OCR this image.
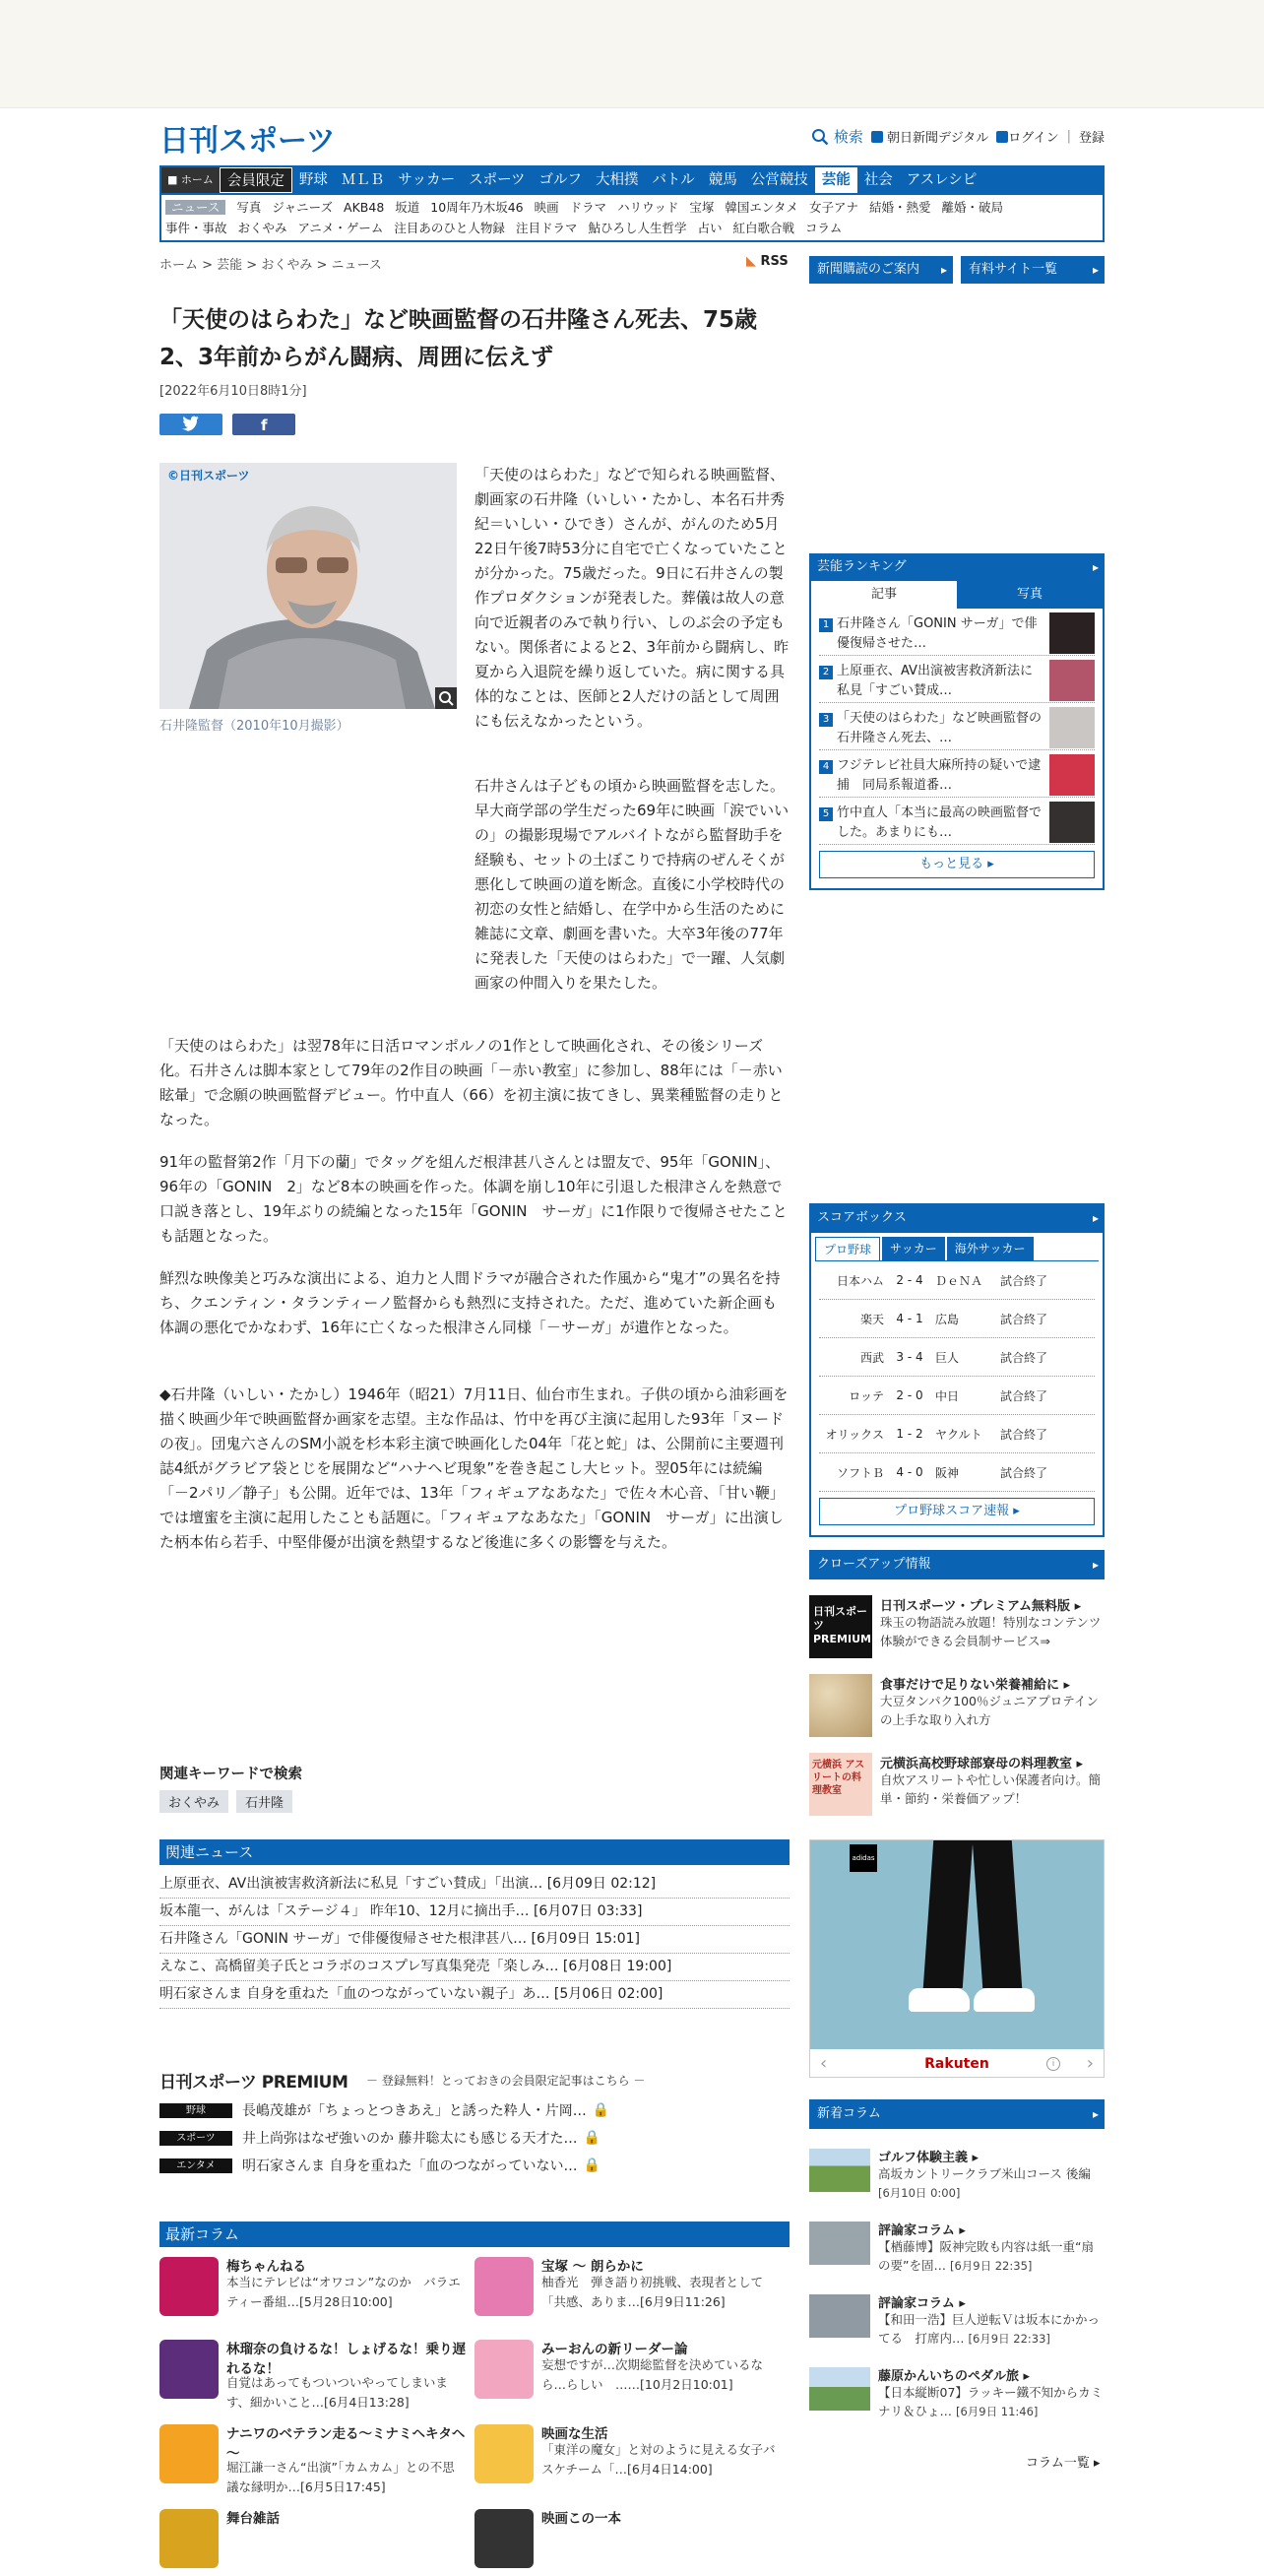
日刊スポーツ	検索	朝日新聞デジタル	ログイン | 登録
■ ホーム 会員限定	野球 ＭＬＢ サッカー スポーツ ゴルフ 大相撲 バトル 競馬 公営競技 芸能 社会 アスレシピ
ニュース 写真 ジャニーズ AKB48 坂道 10周年乃木坂46 映画 ドラマ ハリウッド 宝塚 韓国エンタメ 女子アナ 結婚・熱愛 離婚・破局
事件・事故 おくやみ アニメ・ゲーム 注目あのひと人物録 注目ドラマ 鮎ひろし人生哲学 占い 紅白歌合戦 コラム
ホーム > 芸能 > おくやみ > ニュース	◣ RSS
「天使のはらわた」など映画監督の石井隆さん死去、75歳　2、3年前からがん闘病、周囲に伝えず
[2022年6月10日8時1分]
f
©日刊スポーツ
石井隆監督（2010年10月撮影）

「天使のはらわた」などで知られる映画監督、劇画家の石井隆（いしい・たかし、本名石井秀紀＝いしい・ひでき）さんが、がんのため5月22日午後7時53分に自宅で亡くなっていたことが分かった。75歳だった。9日に石井さんの製作プロダクションが発表した。葬儀は故人の意向で近親者のみで執り行い、しのぶ会の予定もない。関係者によると2、3年前から闘病し、昨夏から入退院を繰り返していた。病に関する具体的なことは、医師と2人だけの話として周囲にも伝えなかったという。

石井さんは子どもの頃から映画監督を志した。早大商学部の学生だった69年に映画「涙でいいの」の撮影現場でアルバイトながら監督助手を経験も、セットの土ぼこりで持病のぜんそくが悪化して映画の道を断念。直後に小学校時代の初恋の女性と結婚し、在学中から生活のために雑誌に文章、劇画を書いた。大卒3年後の77年に発表した「天使のはらわた」で一躍、人気劇画家の仲間入りを果たした。

「天使のはらわた」は翌78年に日活ロマンポルノの1作として映画化され、その後シリーズ化。石井さんは脚本家として79年の2作目の映画「－赤い教室」に参加し、88年には「－赤い眩暈」で念願の映画監督デビュー。竹中直人（66）を初主演に抜てきし、異業種監督の走りとなった。

91年の監督第2作「月下の蘭」でタッグを組んだ根津甚八さんとは盟友で、95年「GONIN」、96年の「GONIN　2」など8本の映画を作った。体調を崩し10年に引退した根津さんを熱意で口説き落とし、19年ぶりの続編となった15年「GONIN　サーガ」に1作限りで復帰させたことも話題となった。

鮮烈な映像美と巧みな演出による、迫力と人間ドラマが融合された作風から“鬼才”の異名を持ち、クエンティン・タランティーノ監督からも熱烈に支持された。ただ、進めていた新企画も体調の悪化でかなわず、16年に亡くなった根津さん同様「－サーガ」が遺作となった。

◆石井隆（いしい・たかし）1946年（昭21）7月11日、仙台市生まれ。子供の頃から油彩画を描く映画少年で映画監督か画家を志望。主な作品は、竹中を再び主演に起用した93年「ヌードの夜」。団鬼六さんのSM小説を杉本彩主演で映画化した04年「花と蛇」は、公開前に主要週刊誌4紙がグラビア袋とじを展開など“ハナヘビ現象”を巻き起こし大ヒット。翌05年には続編「－2パリ／静子」も公開。近年では、13年「フィギュアなあなた」で佐々木心音、「甘い鞭」では壇蜜を主演に起用したことも話題に。「フィギュアなあなた」「GONIN　サーガ」に出演した柄本佑ら若手、中堅俳優が出演を熱望するなど後進に多くの影響を与えた。

関連キーワードで検索
おくやみ 石井隆
関連ニュース
上原亜衣、AV出演被害救済新法に私見「すごい賛成」「出演… [6月09日 02:12]
坂本龍一、がんは「ステージ４」 昨年10、12月に摘出手… [6月07日 03:33]
石井隆さん「GONIN サーガ」で俳優復帰させた根津甚八… [6月09日 15:01]
えなこ、高橋留美子氏とコラボのコスプレ写真集発売「楽しみ… [6月08日 19:00]
明石家さんま 自身を重ねた「血のつながっていない親子」あ… [5月06日 02:00]
日刊スポーツ PREMIUM － 登録無料！とっておきの会員限定記事はこちら －
野球	長嶋茂雄が「ちょっとつきあえ」と誘った粋人・片岡… 🔒
スポーツ	井上尚弥はなぜ強いのか 藤井聡太にも感じる天才た… 🔒
エンタメ	明石家さんま 自身を重ねた「血のつながっていない… 🔒
最新コラム
梅ちゃんねる
本当にテレビは“オワコン”なのか　バラエティー番組…[5月28日10:00]
宝塚 ～ 朗らかに
柚香光　弾き語り初挑戦、表現者として「共感、ありま…[6月9日11:26]
林瑠奈の負けるな！しょげるな！乗り遅れるな！
自覚はあってもついついやってしまいます、細かいこと…[6月4日13:28]
みーおんの新リーダー論
妄想ですが…次期総監督を決めているなら…らしい　……[10月2日10:01]
ナニワのベテラン走る～ミナミヘキタヘ～
堀江謙一さん“出演”「カムカム」との不思議な縁明か…[6月5日17:45]
映画な生活
「東洋の魔女」と対のように見える女子バスケチーム「…[6月4日14:00]
舞台雑話	映画この一本
新聞購読のご案内 ▸	有料サイト一覧 ▸
芸能ランキング ▸
記事	写真
1 石井隆さん「GONIN サーガ」で俳優復帰させた…
2 上原亜衣、AV出演被害救済新法に私見「すごい賛成…
3 「天使のはらわた」など映画監督の石井隆さん死去、…
4 フジテレビ社員大麻所持の疑いで逮捕　同局系報道番…
5 竹中直人「本当に最高の映画監督でした。あまりにも…
もっと見る ▸
スコアボックス ▸
プロ野球	サッカー	海外サッカー
日本ハム	2 - 4	ＤｅＮＡ	試合終了
楽天	4 - 1	広島	試合終了
西武	3 - 4	巨人	試合終了
ロッテ	2 - 0	中日	試合終了
オリックス	1 - 2	ヤクルト	試合終了
ソフトＢ	4 - 0	阪神	試合終了
プロ野球スコア速報 ▸
クローズアップ情報 ▸
日刊スポーツ PREMIUM
日刊スポーツ・プレミアム無料版 ▸
珠玉の物語読み放題！特別なコンテンツ体験ができる会員制サービス⇒
食事だけで足りない栄養補給に ▸
大豆タンパク100％ジュニアプロテインの上手な取り入れ方
元横浜 アスリートの料理教室
元横浜高校野球部寮母の料理教室 ▸
自炊アスリートや忙しい保護者向け。簡単・節約・栄養価アップ！
adidas
Rakuten
‹	›
i
新着コラム ▸
ゴルフ体験主義 ▸
高坂カントリークラブ米山コース 後編 [6月10日 0:00]
評論家コラム ▸
【楢藤博】阪神完敗も内容は紙一重“扇の要”を固… [6月9日 22:35]
評論家コラム ▸
【和田一浩】巨人逆転Ｖは坂本にかかってる　打席内… [6月9日 22:33]
藤原かんいちのペダル旅 ▸
【日本縦断07】ラッキー鐵不知からカミナリ＆ひょ… [6月9日 11:46]
コラム一覧 ▸
